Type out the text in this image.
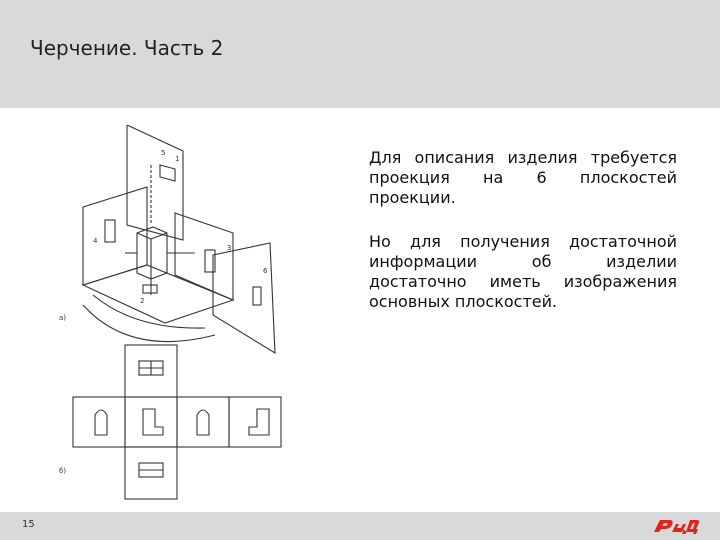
Черчение. Часть 2
а)
б)
1
2
3
4
5
6

Для описания изделия требуется проекция на 6 плоскостей проекции.

Но для получения достаточной информации об изделии достаточно иметь изображения основных плоскостей.

15
